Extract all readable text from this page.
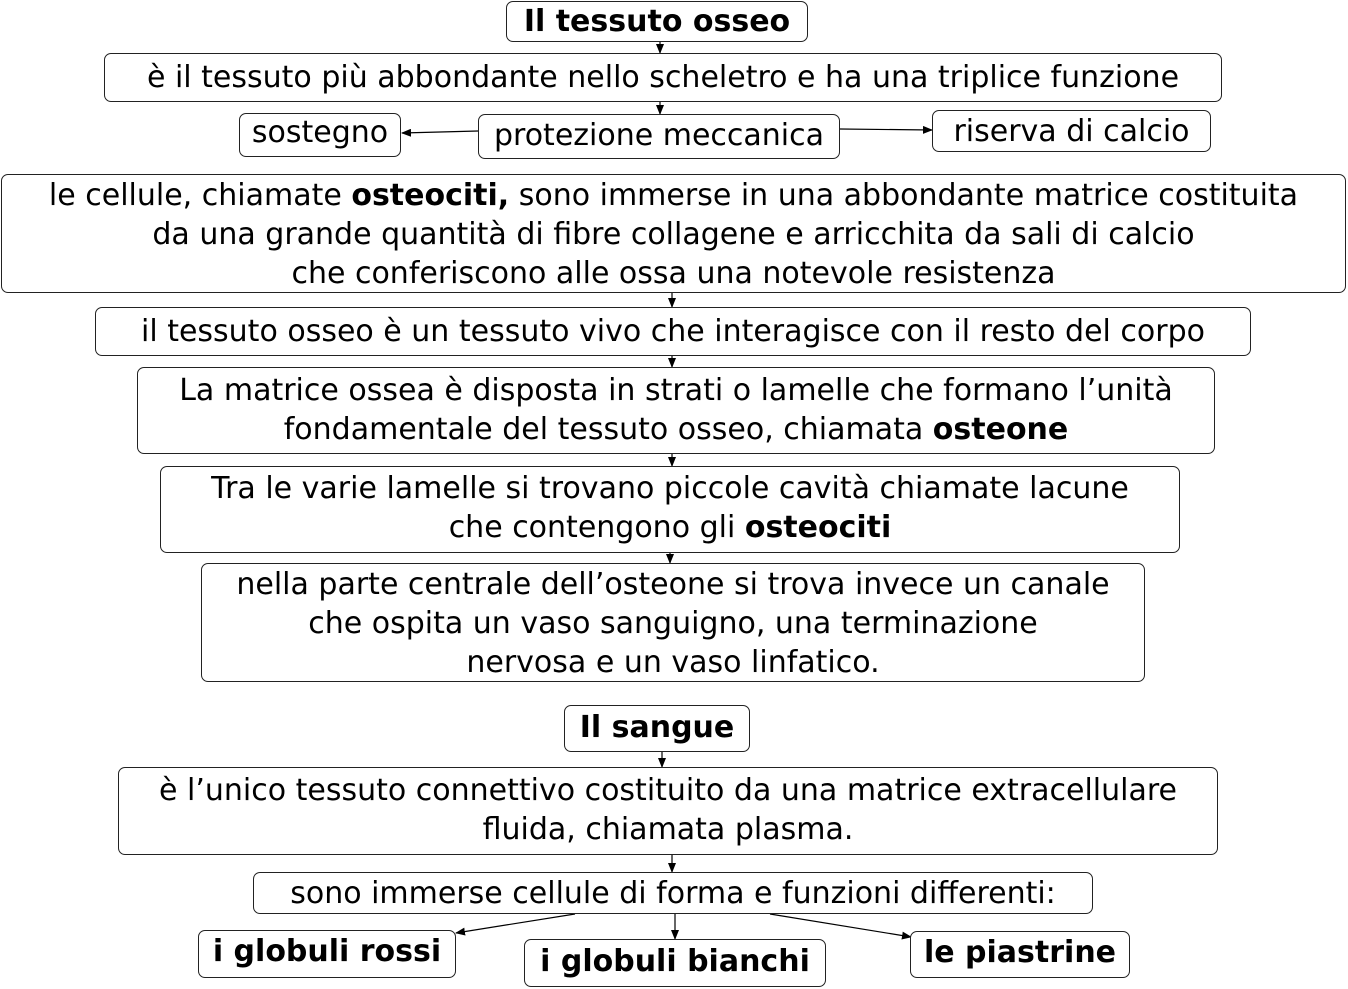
Il tessuto osseo
è il tessuto più abbondante nello scheletro e ha una triplice funzione
sostegno	protezione meccanica	riserva di calcio
le cellule, chiamate osteociti, sono immerse in una abbondante matrice costituita
da una grande quantità di fibre collagene e arricchita da sali di calcio
che conferiscono alle ossa una notevole resistenza
il tessuto osseo è un tessuto vivo che interagisce con il resto del corpo
La matrice ossea è disposta in strati o lamelle che formano l’unità
fondamentale del tessuto osseo, chiamata osteone
Tra le varie lamelle si trovano piccole cavità chiamate lacune
che contengono gli osteociti
nella parte centrale dell’osteone si trova invece un canale
che ospita un vaso sanguigno, una terminazione
nervosa e un vaso linfatico.
Il sangue
è l’unico tessuto connettivo costituito da una matrice extracellulare
fluida, chiamata plasma.
sono immerse cellule di forma e funzioni differenti:
i globuli rossi	i globuli bianchi	le piastrine
